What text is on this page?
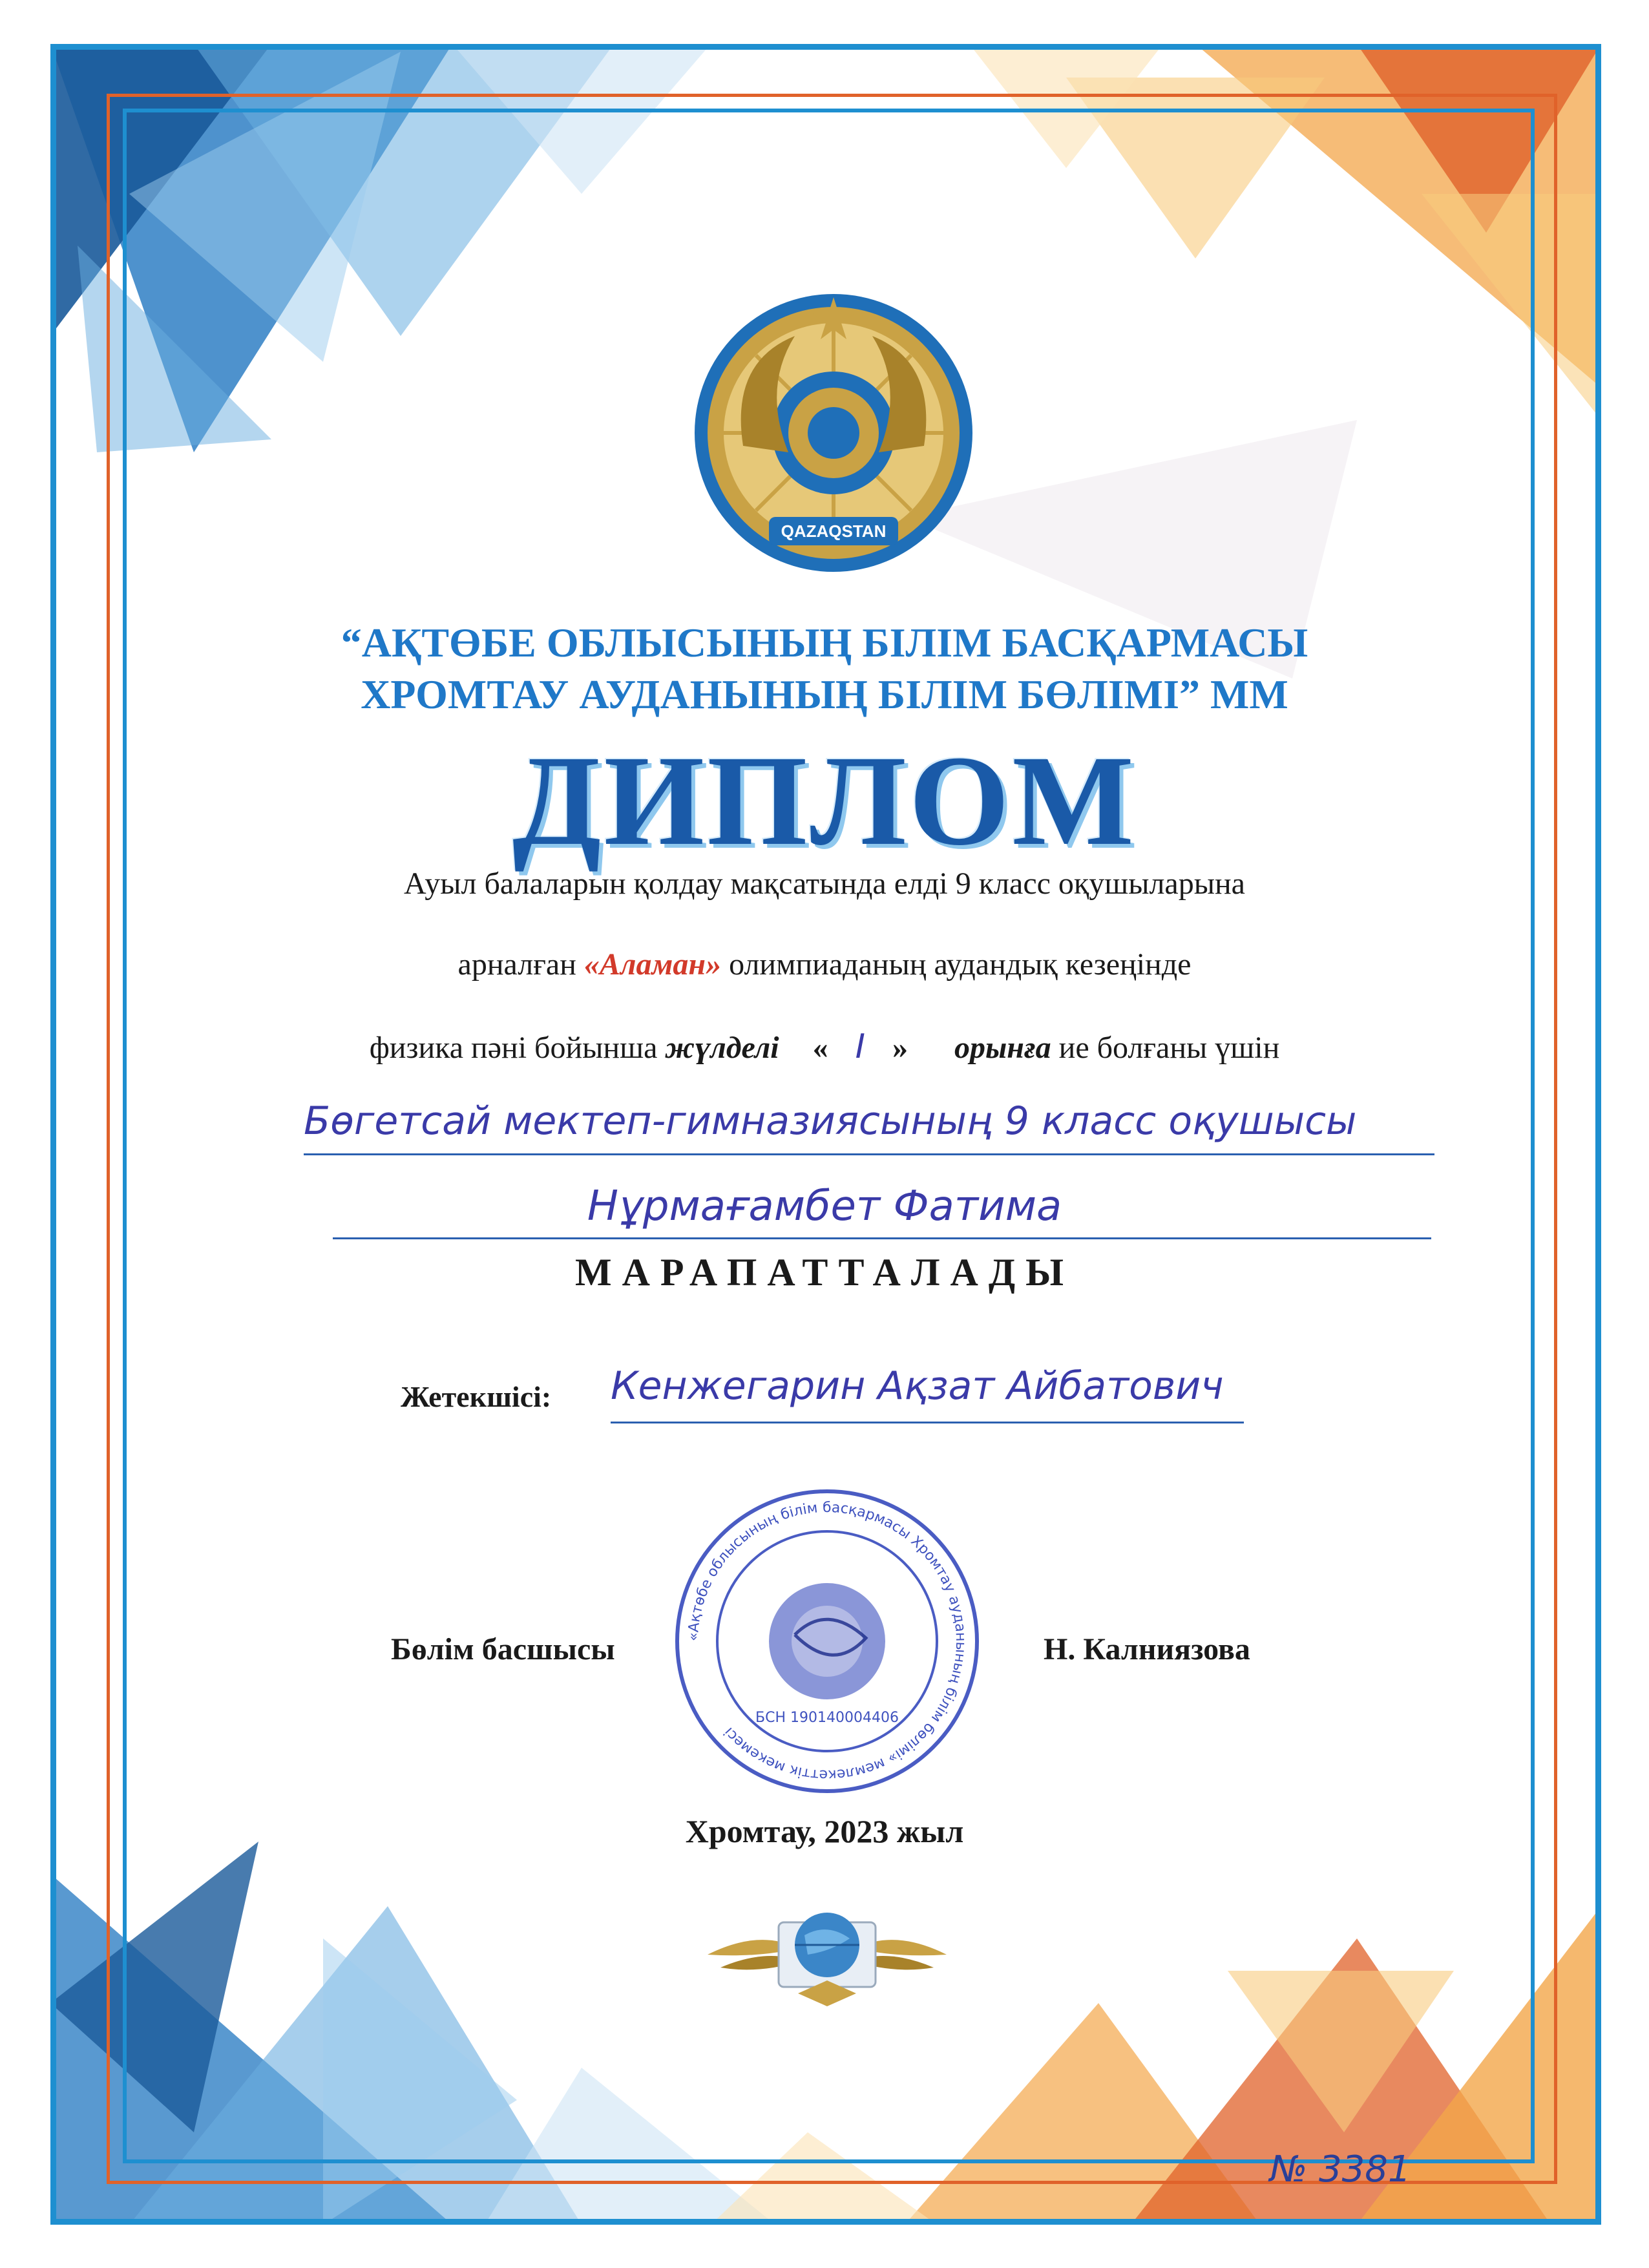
QAZAQSTAN
“АҚТӨБЕ ОБЛЫСЫНЫҢ БІЛІМ БАСҚАРМАСЫ
ХРОМТАУ АУДАНЫНЫҢ БІЛІМ БӨЛІМІ” ММ
ДИПЛОМ
Ауыл балаларын қолдау мақсатында елді 9 класс оқушыларына
арналған «Аламан» олимпиаданың аудандық кезеңінде
физика пәні бойынша жүлделі « І » орынға ие болғаны үшін
Бөгетсай мектеп-гимназиясының 9 класс оқушысы
Нұрмағамбет Фатима
МАРАПАТТАЛАДЫ
Жетекшісі: Кенжегарин Ақзат Айбатович
Бөлім басшысы	Н. Калниязова
«Ақтөбе облысының білім басқармасы Хромтау ауданының білім бөлімі» мемлекеттік мекемесі
БСН 190140004406
Хромтау, 2023 жыл
№ 3381
